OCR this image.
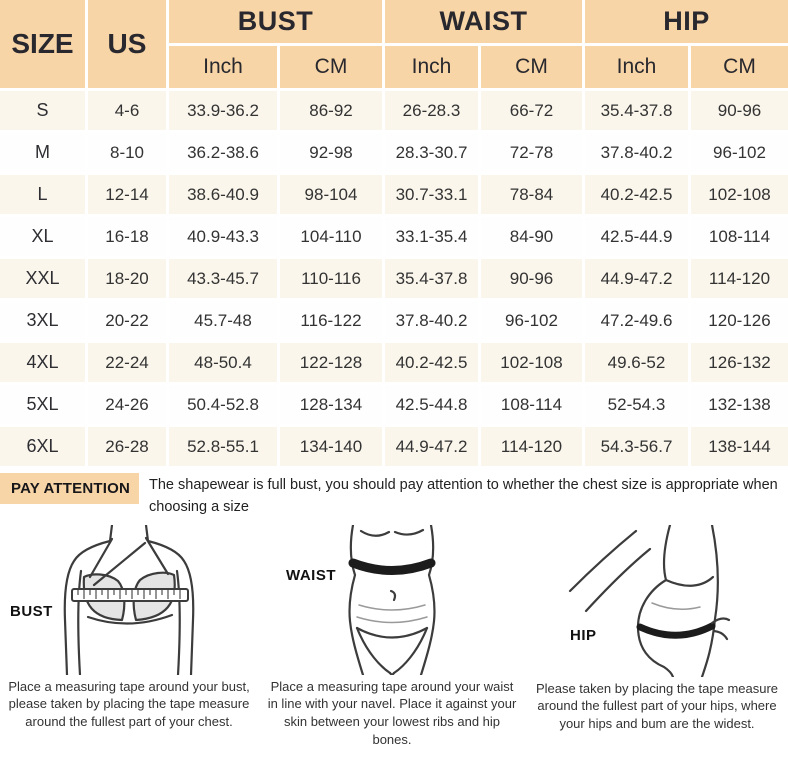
SIZE	US
BUST	WAIST	HIP
Inch	CM	Inch	CM	Inch	CM
S	4-6	33.9-36.2	86-92	26-28.3	66-72	35.4-37.8	90-96
M	8-10	36.2-38.6	92-98	28.3-30.7	72-78	37.8-40.2	96-102
L	12-14	38.6-40.9	98-104	30.7-33.1	78-84	40.2-42.5	102-108
XL	16-18	40.9-43.3	104-110	33.1-35.4	84-90	42.5-44.9	108-114
XXL	18-20	43.3-45.7	110-116	35.4-37.8	90-96	44.9-47.2	114-120
3XL	20-22	45.7-48	116-122	37.8-40.2	96-102	47.2-49.6	120-126
4XL	22-24	48-50.4	122-128	40.2-42.5	102-108	49.6-52	126-132
5XL	24-26	50.4-52.8	128-134	42.5-44.8	108-114	52-54.3	132-138
6XL	26-28	52.8-55.1	134-140	44.9-47.2	114-120	54.3-56.7	138-144
PAY ATTENTION	The shapewear is full bust, you should pay attention to whether the chest size is appropriate when choosing a size

BUST

Place a measuring tape around your bust, please taken by placing the tape measure around the fullest part of your chest.

WAIST

Place a measuring tape around your waist in line with your navel. Place it against your skin between your lowest ribs and hip bones.

HIP

Please taken by placing the tape measure around the fullest part of your hips, where your hips and bum are the widest.
